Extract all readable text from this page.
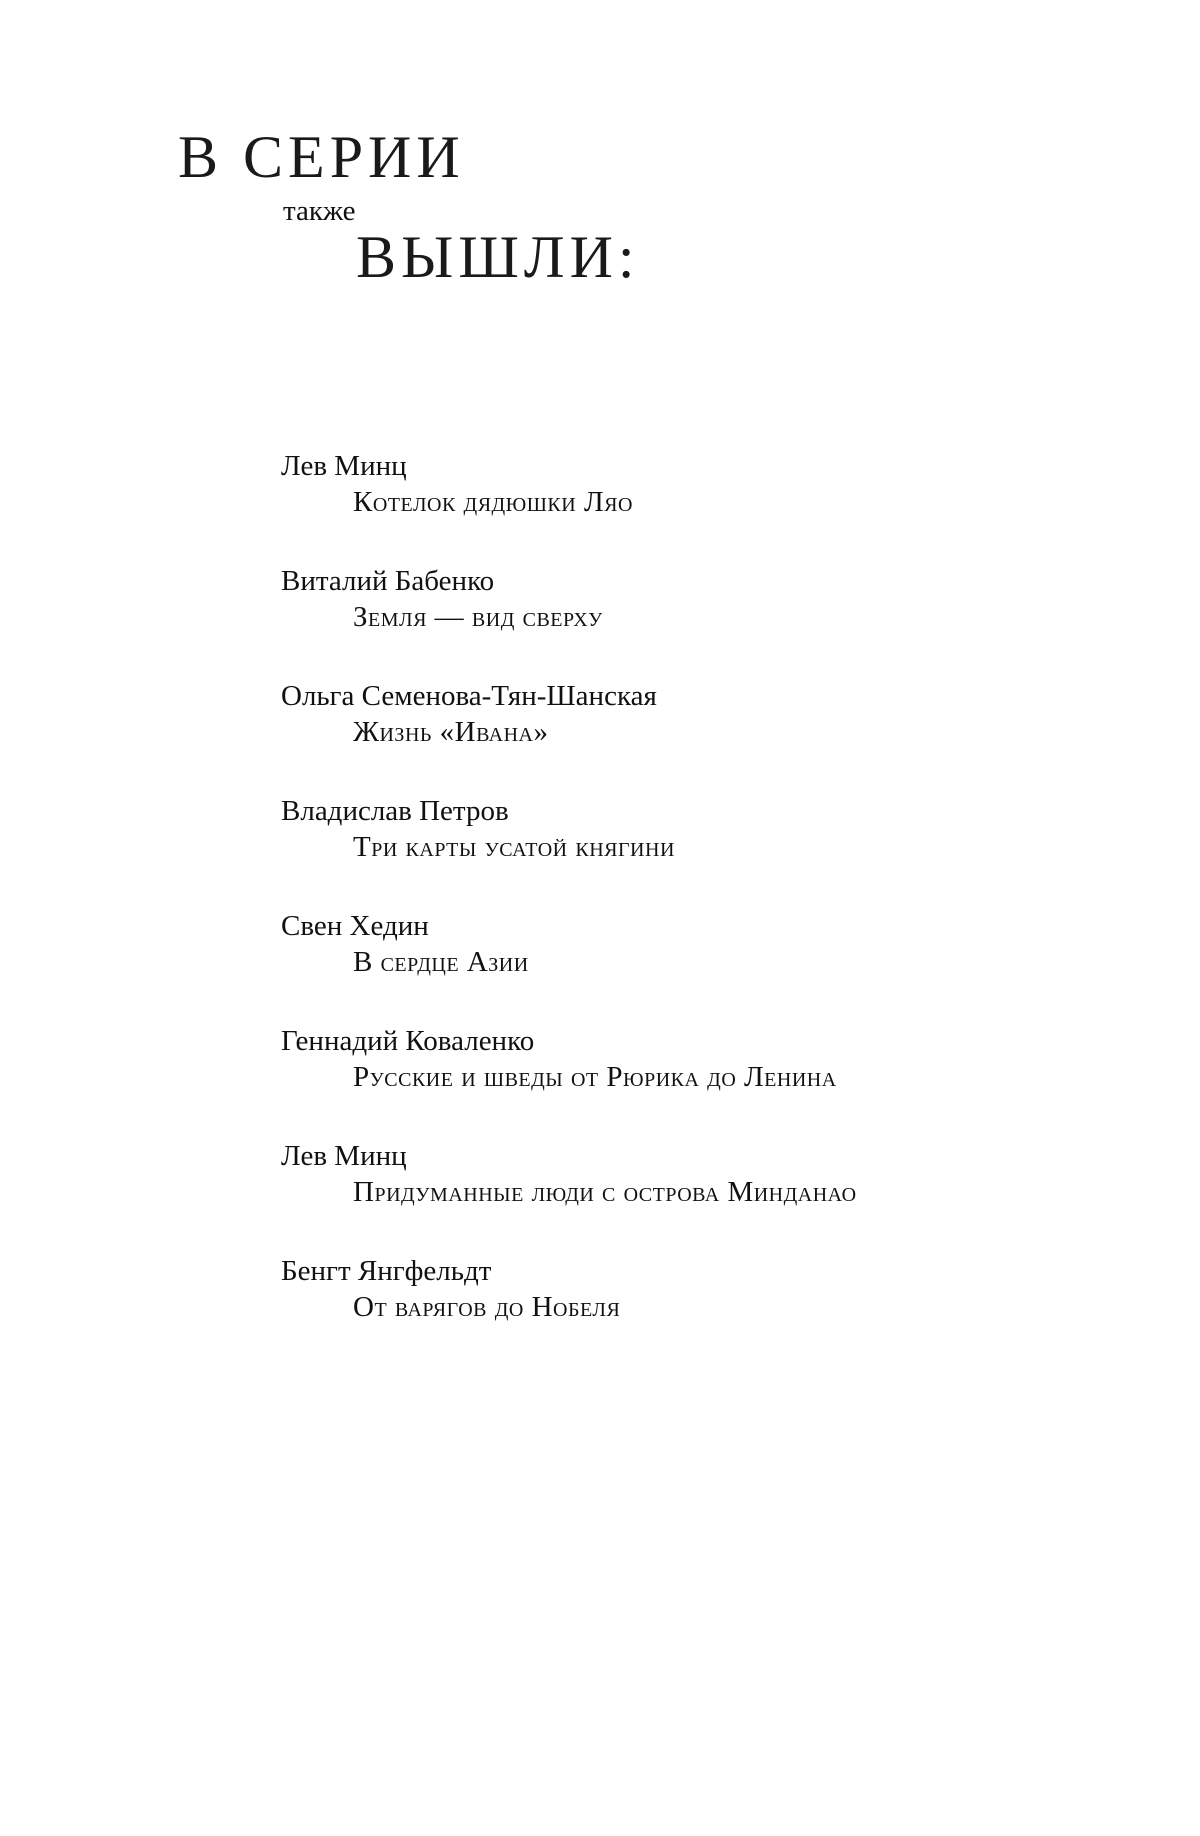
В СЕРИИ
также
ВЫШЛИ:
Лев Минц
Котелок дядюшки Ляо
Виталий Бабенко
Земля — вид сверху
Ольга Семенова-Тян-Шанская
Жизнь «Ивана»
Владислав Петров
Три карты усатой княгини
Свен Хедин
В сердце Азии
Геннадий Коваленко
Русские и шведы от Рюрика до Ленина
Лев Минц
Придуманные люди с острова Минданао
Бенгт Янгфельдт
От варягов до Нобеля
